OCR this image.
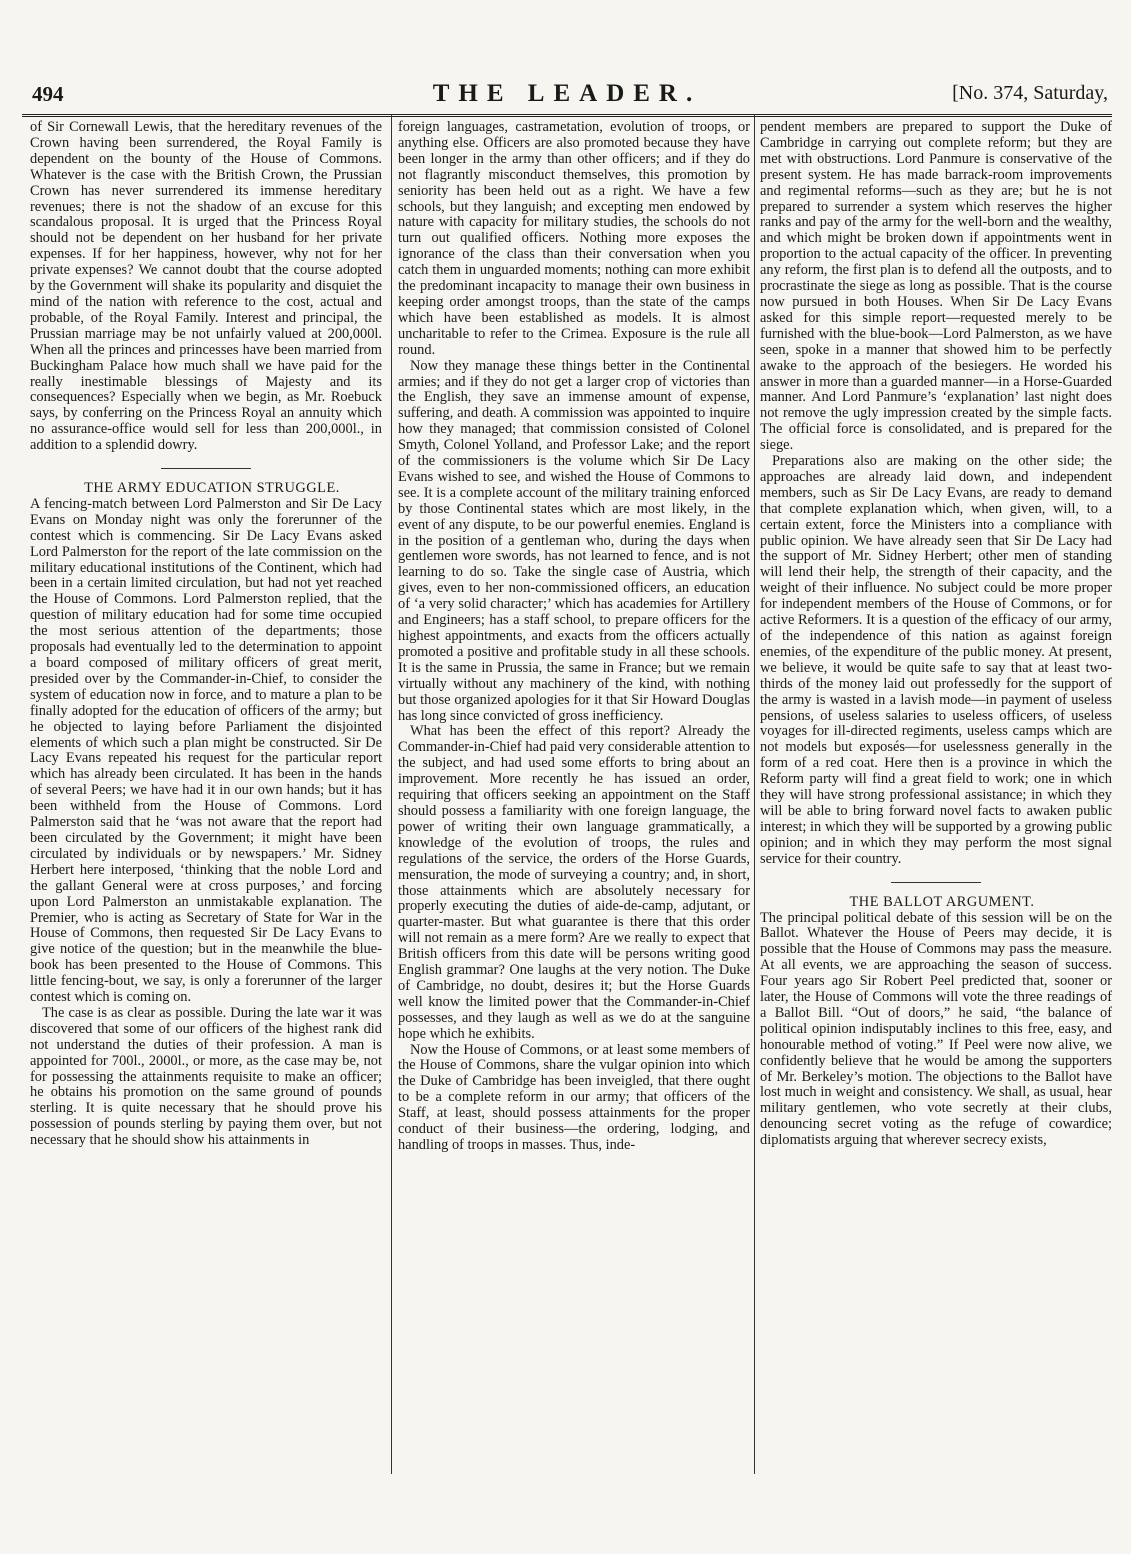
494	THE LEADER.	[No. 374, Saturday,

of Sir Cornewall Lewis, that the hereditary revenues of the Crown having been surrendered, the Royal Family is dependent on the bounty of the House of Commons. Whatever is the case with the British Crown, the Prussian Crown has never surrendered its immense hereditary revenues; there is not the shadow of an excuse for this scandalous proposal. It is urged that the Princess Royal should not be dependent on her husband for her private expenses. If for her happiness, however, why not for her private expenses? We cannot doubt that the course adopted by the Government will shake its popularity and disquiet the mind of the nation with reference to the cost, actual and probable, of the Royal Family. Interest and principal, the Prussian marriage may be not unfairly valued at 200,000l. When all the princes and princesses have been married from Buckingham Palace how much shall we have paid for the really inestimable blessings of Majesty and its consequences? Especially when we begin, as Mr. Roebuck says, by conferring on the Princess Royal an annuity which no assurance-office would sell for less than 200,000l., in addition to a splendid dowry.

THE ARMY EDUCATION STRUGGLE.

A fencing-match between Lord Palmerston and Sir De Lacy Evans on Monday night was only the forerunner of the contest which is commencing. Sir De Lacy Evans asked Lord Palmerston for the report of the late commission on the military educational institutions of the Continent, which had been in a certain limited circulation, but had not yet reached the House of Commons. Lord Palmerston replied, that the question of military education had for some time occupied the most serious attention of the departments; those proposals had eventually led to the determination to appoint a board composed of military officers of great merit, presided over by the Commander-in-Chief, to consider the system of education now in force, and to mature a plan to be finally adopted for the education of officers of the army; but he objected to laying before Parliament the disjointed elements of which such a plan might be constructed. Sir De Lacy Evans repeated his request for the particular report which has already been circulated. It has been in the hands of several Peers; we have had it in our own hands; but it has been withheld from the House of Commons. Lord Palmerston said that he ‘was not aware that the report had been circulated by the Government; it might have been circulated by individuals or by newspapers.’ Mr. Sidney Herbert here interposed, ‘thinking that the noble Lord and the gallant General were at cross purposes,’ and forcing upon Lord Palmerston an unmistakable explanation. The Premier, who is acting as Secretary of State for War in the House of Commons, then requested Sir De Lacy Evans to give notice of the question; but in the meanwhile the blue-book has been presented to the House of Commons. This little fencing-bout, we say, is only a forerunner of the larger contest which is coming on.

The case is as clear as possible. During the late war it was discovered that some of our officers of the highest rank did not understand the duties of their profession. A man is appointed for 700l., 2000l., or more, as the case may be, not for possessing the attainments requisite to make an officer; he obtains his promotion on the same ground of pounds sterling. It is quite necessary that he should prove his possession of pounds sterling by paying them over, but not necessary that he should show his attainments in

foreign languages, castrametation, evolution of troops, or anything else. Officers are also promoted because they have been longer in the army than other officers; and if they do not flagrantly misconduct themselves, this promotion by seniority has been held out as a right. We have a few schools, but they languish; and excepting men endowed by nature with capacity for military studies, the schools do not turn out qualified officers. Nothing more exposes the ignorance of the class than their conversation when you catch them in unguarded moments; nothing can more exhibit the predominant incapacity to manage their own business in keeping order amongst troops, than the state of the camps which have been established as models. It is almost uncharitable to refer to the Crimea. Exposure is the rule all round.

Now they manage these things better in the Continental armies; and if they do not get a larger crop of victories than the English, they save an immense amount of expense, suffering, and death. A commission was appointed to inquire how they managed; that commission consisted of Colonel Smyth, Colonel Yolland, and Professor Lake; and the report of the commissioners is the volume which Sir De Lacy Evans wished to see, and wished the House of Commons to see. It is a complete account of the military training enforced by those Continental states which are most likely, in the event of any dispute, to be our powerful enemies. England is in the position of a gentleman who, during the days when gentlemen wore swords, has not learned to fence, and is not learning to do so. Take the single case of Austria, which gives, even to her non-commissioned officers, an education of ‘a very solid character;’ which has academies for Artillery and Engineers; has a staff school, to prepare officers for the highest appointments, and exacts from the officers actually promoted a positive and profitable study in all these schools. It is the same in Prussia, the same in France; but we remain virtually without any machinery of the kind, with nothing but those organized apologies for it that Sir Howard Douglas has long since convicted of gross inefficiency.

What has been the effect of this report? Already the Commander-in-Chief had paid very considerable attention to the subject, and had used some efforts to bring about an improvement. More recently he has issued an order, requiring that officers seeking an appointment on the Staff should possess a familiarity with one foreign language, the power of writing their own language grammatically, a knowledge of the evolution of troops, the rules and regulations of the service, the orders of the Horse Guards, mensuration, the mode of surveying a country; and, in short, those attainments which are absolutely necessary for properly executing the duties of aide-de-camp, adjutant, or quarter-master. But what guarantee is there that this order will not remain as a mere form? Are we really to expect that British officers from this date will be persons writing good English grammar? One laughs at the very notion. The Duke of Cambridge, no doubt, desires it; but the Horse Guards well know the limited power that the Commander-in-Chief possesses, and they laugh as well as we do at the sanguine hope which he exhibits.

Now the House of Commons, or at least some members of the House of Commons, share the vulgar opinion into which the Duke of Cambridge has been inveigled, that there ought to be a complete reform in our army; that officers of the Staff, at least, should possess attainments for the proper conduct of their business—the ordering, lodging, and handling of troops in masses. Thus, inde-

pendent members are prepared to support the Duke of Cambridge in carrying out complete reform; but they are met with obstructions. Lord Panmure is conservative of the present system. He has made barrack-room improvements and regimental reforms—such as they are; but he is not prepared to surrender a system which reserves the higher ranks and pay of the army for the well-born and the wealthy, and which might be broken down if appointments went in proportion to the actual capacity of the officer. In preventing any reform, the first plan is to defend all the outposts, and to procrastinate the siege as long as possible. That is the course now pursued in both Houses. When Sir De Lacy Evans asked for this simple report—requested merely to be furnished with the blue-book—Lord Palmerston, as we have seen, spoke in a manner that showed him to be perfectly awake to the approach of the besiegers. He worded his answer in more than a guarded manner—in a Horse-Guarded manner. And Lord Panmure’s ‘explanation’ last night does not remove the ugly impression created by the simple facts. The official force is consolidated, and is prepared for the siege.

Preparations also are making on the other side; the approaches are already laid down, and independent members, such as Sir De Lacy Evans, are ready to demand that complete explanation which, when given, will, to a certain extent, force the Ministers into a compliance with public opinion. We have already seen that Sir De Lacy had the support of Mr. Sidney Herbert; other men of standing will lend their help, the strength of their capacity, and the weight of their influence. No subject could be more proper for independent members of the House of Commons, or for active Reformers. It is a question of the efficacy of our army, of the independence of this nation as against foreign enemies, of the expenditure of the public money. At present, we believe, it would be quite safe to say that at least two-thirds of the money laid out professedly for the support of the army is wasted in a lavish mode—in payment of useless pensions, of useless salaries to useless officers, of useless voyages for ill-directed regiments, useless camps which are not models but exposés—for uselessness generally in the form of a red coat. Here then is a province in which the Reform party will find a great field to work; one in which they will have strong professional assistance; in which they will be able to bring forward novel facts to awaken public interest; in which they will be supported by a growing public opinion; and in which they may perform the most signal service for their country.

THE BALLOT ARGUMENT.

The principal political debate of this session will be on the Ballot. Whatever the House of Peers may decide, it is possible that the House of Commons may pass the measure. At all events, we are approaching the season of success. Four years ago Sir Robert Peel predicted that, sooner or later, the House of Commons will vote the three readings of a Ballot Bill. “Out of doors,” he said, “the balance of political opinion indisputably inclines to this free, easy, and honourable method of voting.” If Peel were now alive, we confidently believe that he would be among the supporters of Mr. Berkeley’s motion. The objections to the Ballot have lost much in weight and consistency. We shall, as usual, hear military gentlemen, who vote secretly at their clubs, denouncing secret voting as the refuge of cowardice; diplomatists arguing that wherever secrecy exists,
